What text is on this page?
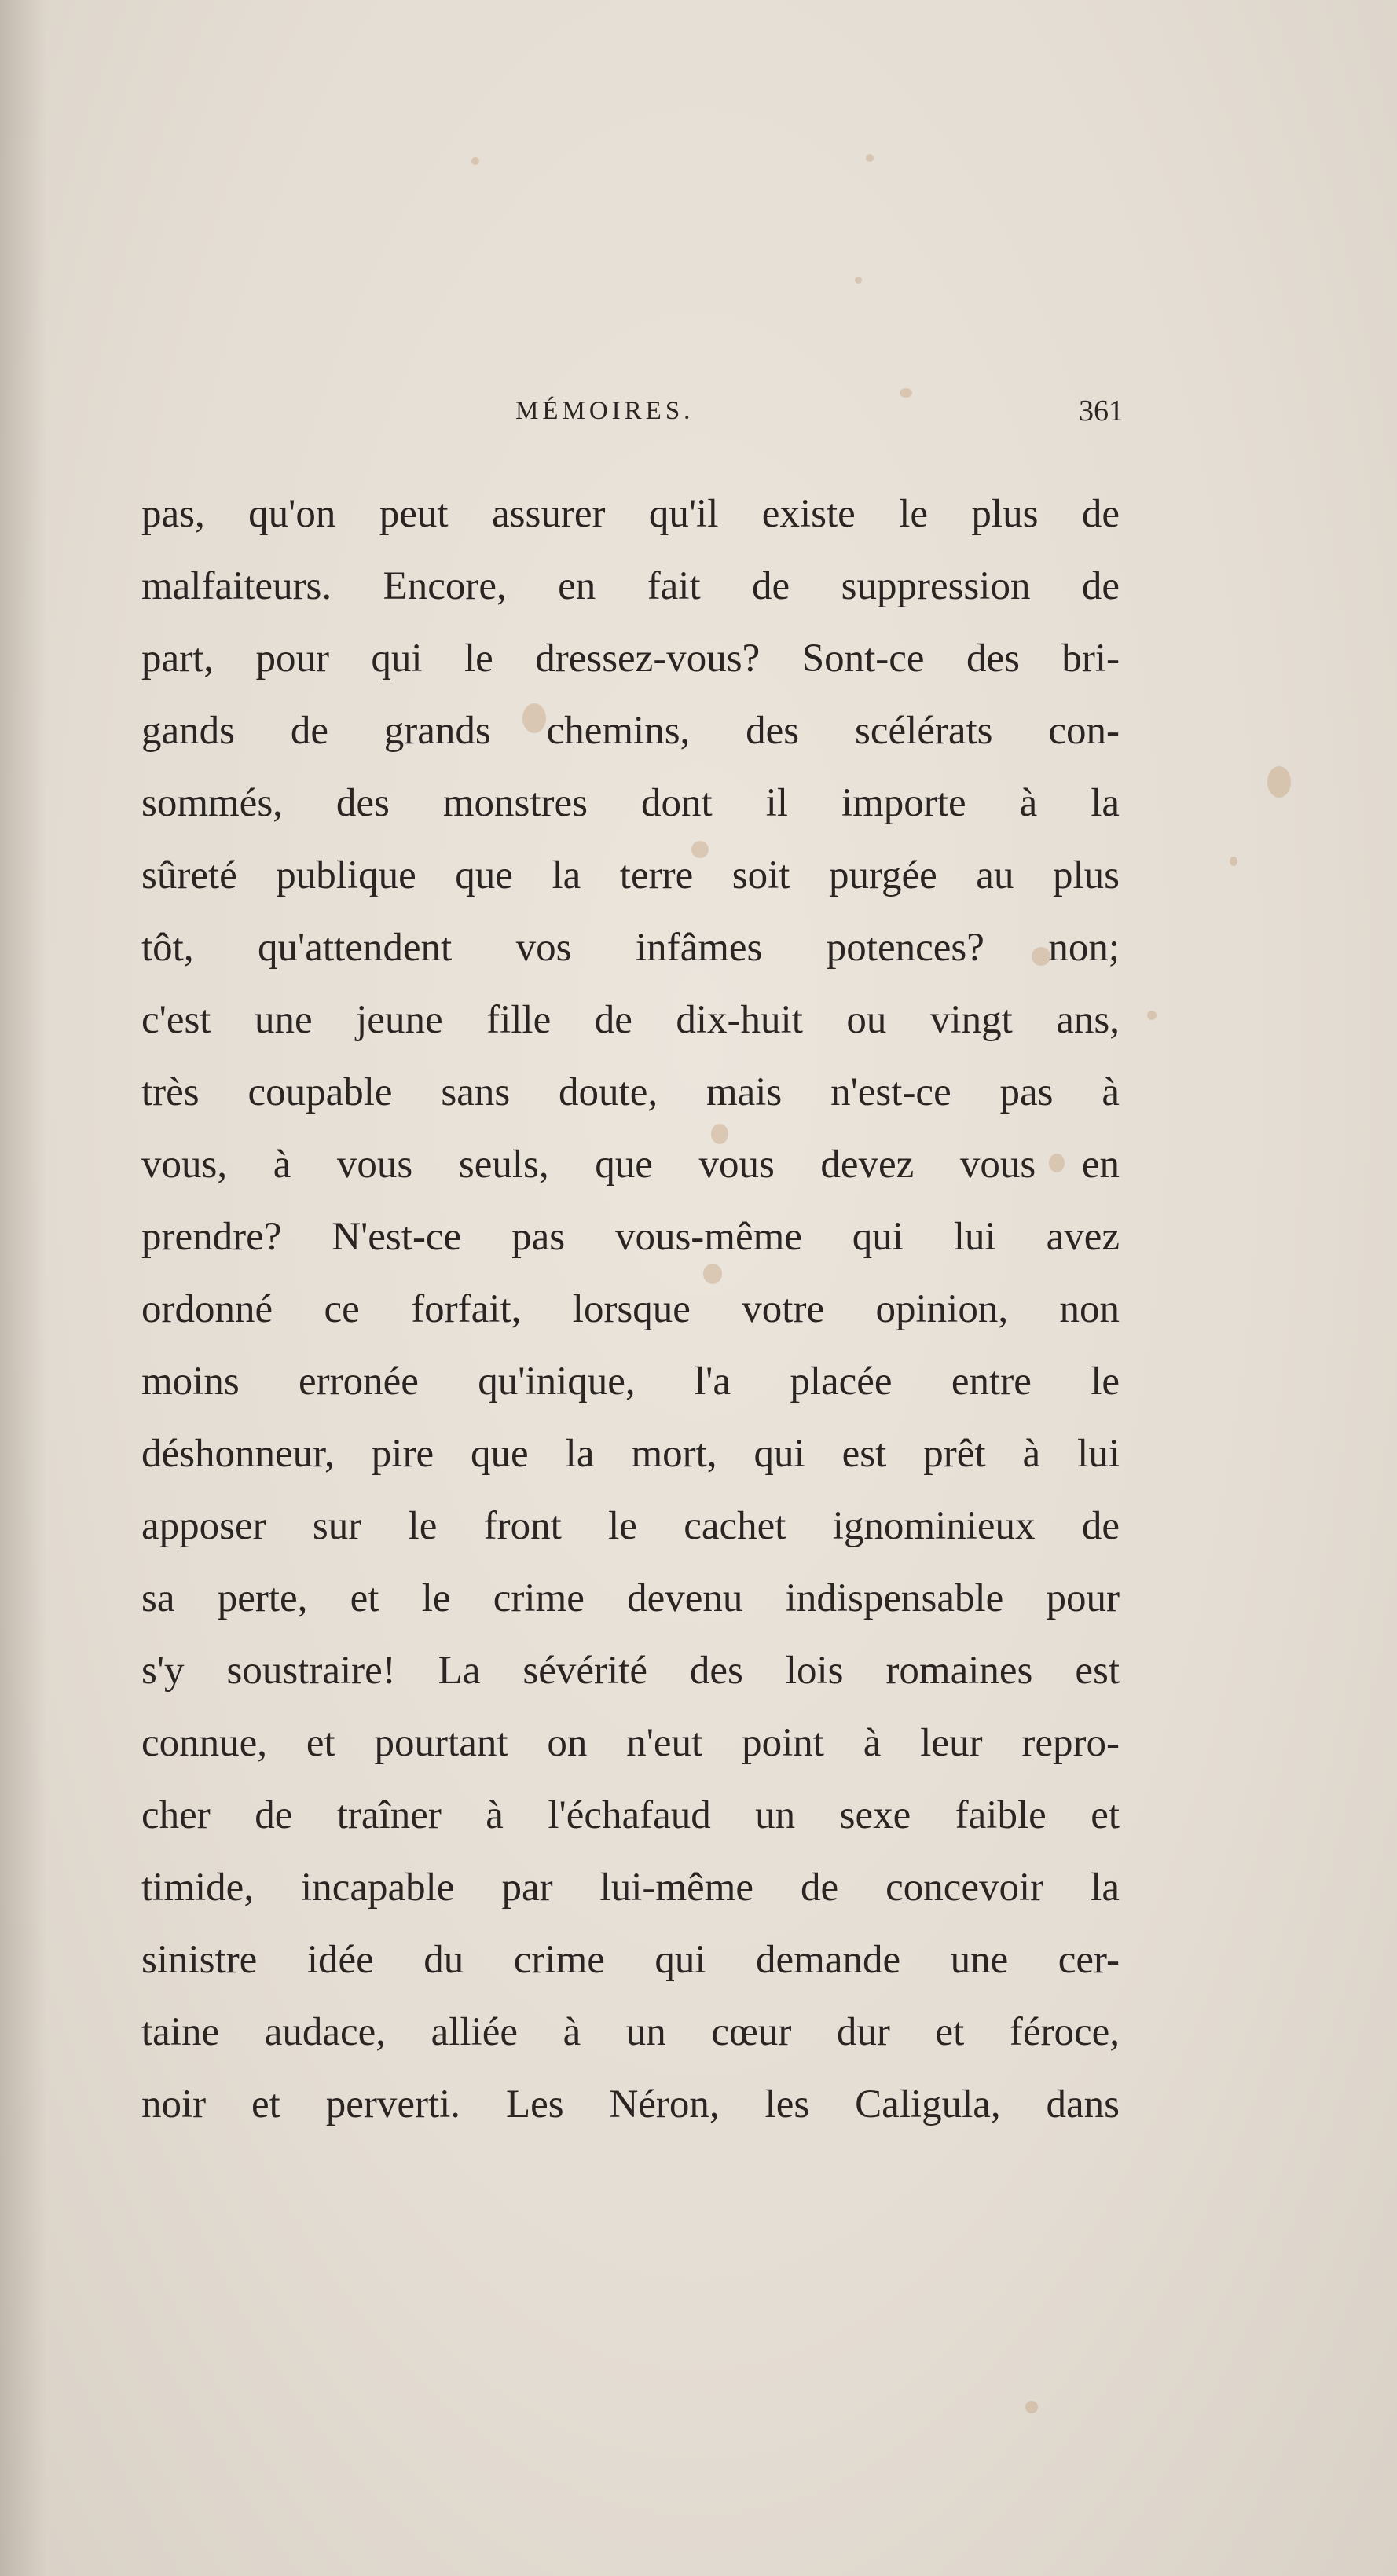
MÉMOIRES.	361
pas, qu'on peut assurer qu'il existe le plus de
malfaiteurs. Encore, en fait de suppression de
part, pour qui le dressez-vous? Sont-ce des bri-
gands de grands chemins, des scélérats con-
sommés, des monstres dont il importe à la
sûreté publique que la terre soit purgée au plus
tôt, qu'attendent vos infâmes potences? non;
c'est une jeune fille de dix-huit ou vingt ans,
très coupable sans doute, mais n'est-ce pas à
vous, à vous seuls, que vous devez vous en
prendre? N'est-ce pas vous-même qui lui avez
ordonné ce forfait, lorsque votre opinion, non
moins erronée qu'inique, l'a placée entre le
déshonneur, pire que la mort, qui est prêt à lui
apposer sur le front le cachet ignominieux de
sa perte, et le crime devenu indispensable pour
s'y soustraire! La sévérité des lois romaines est
connue, et pourtant on n'eut point à leur repro-
cher de traîner à l'échafaud un sexe faible et
timide, incapable par lui-même de concevoir la
sinistre idée du crime qui demande une cer-
taine audace, alliée à un cœur dur et féroce,
noir et perverti. Les Néron, les Caligula, dans
